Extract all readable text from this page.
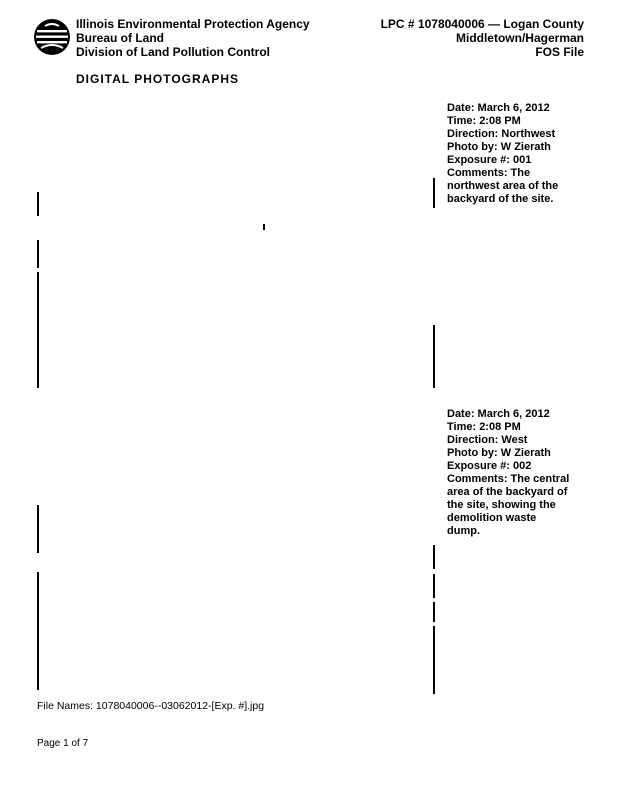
Illinois Environmental Protection Agency
Bureau of Land
Division of Land Pollution Control
LPC # 1078040006 — Logan County
Middletown/Hagerman
FOS File
DIGITAL PHOTOGRAPHS
Date: March 6, 2012
Time: 2:08 PM
Direction: Northwest
Photo by: W Zierath
Exposure #: 001
Comments: The
northwest area of the
backyard of the site.
Date: March 6, 2012
Time: 2:08 PM
Direction: West
Photo by: W Zierath
Exposure #: 002
Comments: The central
area of the backyard of
the site, showing the
demolition waste
dump.
File Names: 1078040006--03062012-[Exp. #].jpg
Page 1 of 7
